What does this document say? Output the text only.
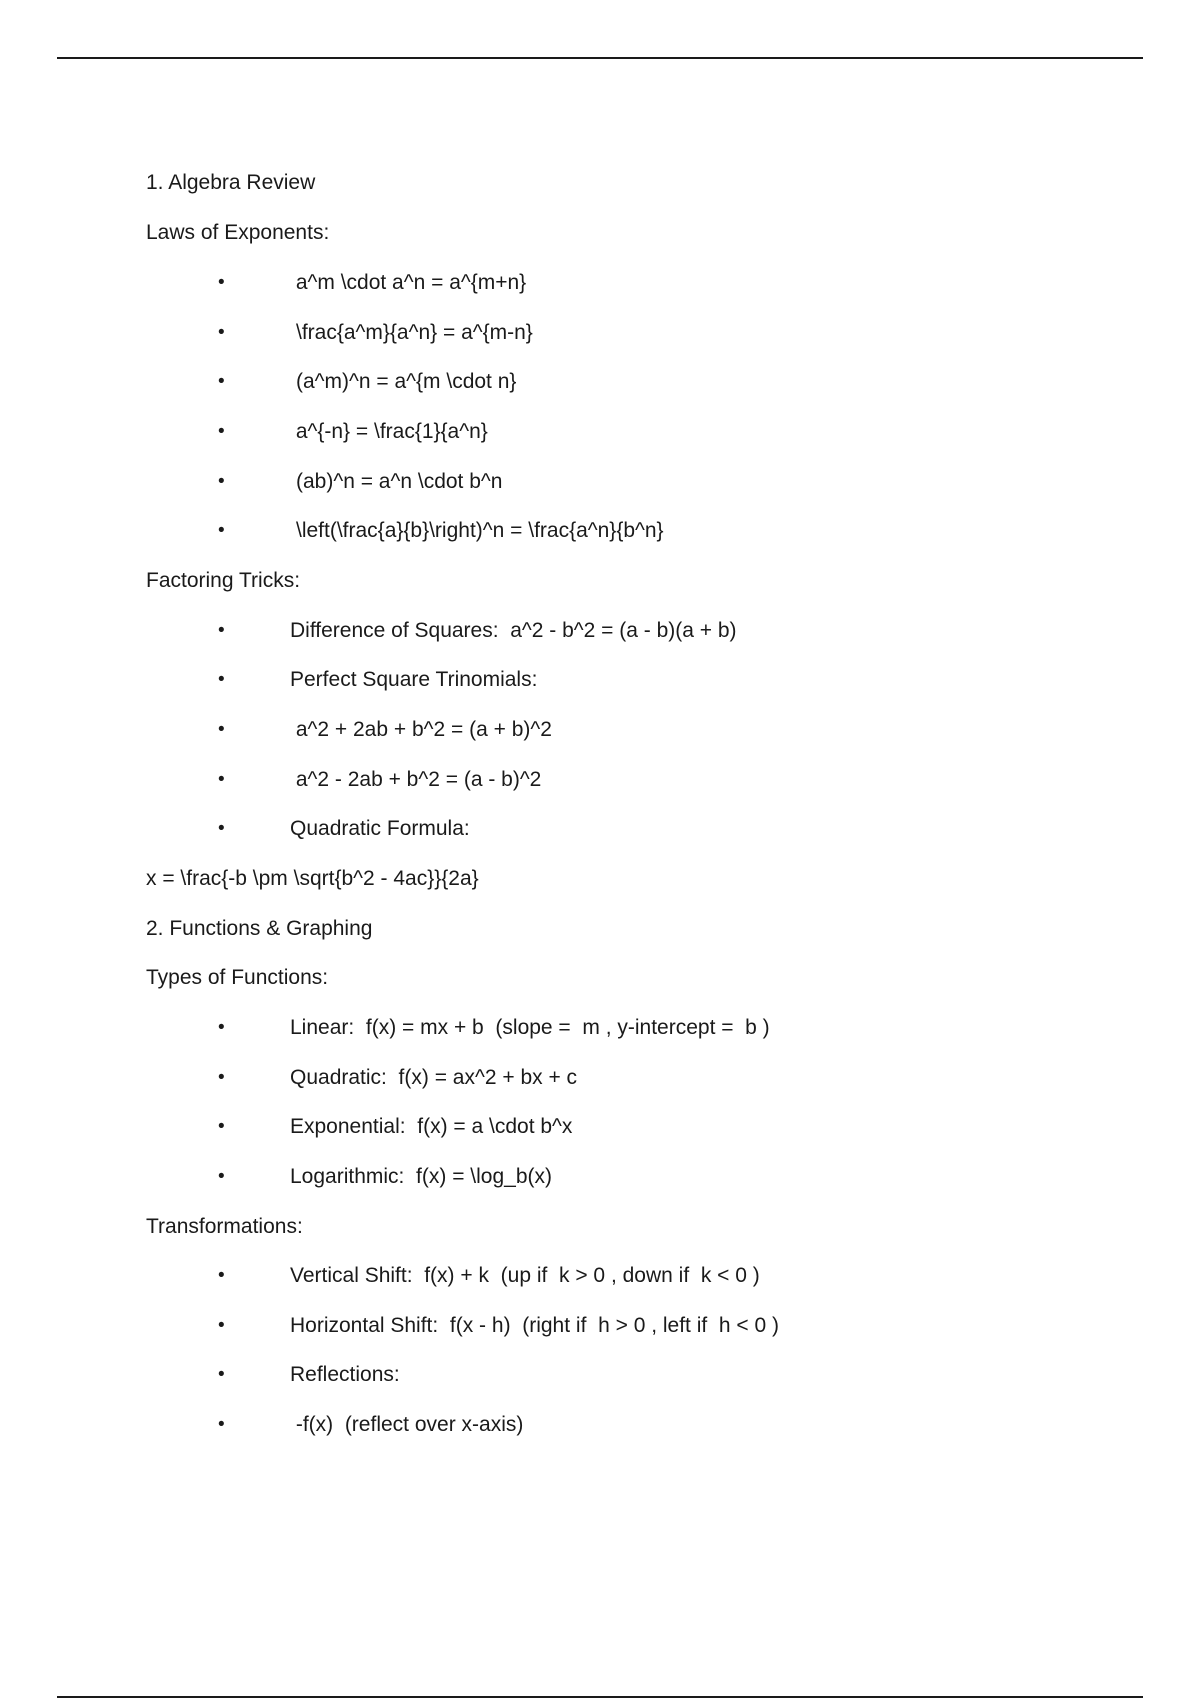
1. Algebra Review
Laws of Exponents:
•	a^m \cdot a^n = a^{m+n}
•	\frac{a^m}{a^n} = a^{m-n}
•	(a^m)^n = a^{m \cdot n}
•	a^{-n} = \frac{1}{a^n}
•	(ab)^n = a^n \cdot b^n
•	\left(\frac{a}{b}\right)^n = \frac{a^n}{b^n}
Factoring Tricks:
•	Difference of Squares:  a^2 - b^2 = (a - b)(a + b)
•	Perfect Square Trinomials:
•	a^2 + 2ab + b^2 = (a + b)^2
•	a^2 - 2ab + b^2 = (a - b)^2
•	Quadratic Formula:
x = \frac{-b \pm \sqrt{b^2 - 4ac}}{2a}
2. Functions & Graphing
Types of Functions:
•	Linear:  f(x) = mx + b  (slope =  m , y-intercept =  b )
•	Quadratic:  f(x) = ax^2 + bx + c
•	Exponential:  f(x) = a \cdot b^x
•	Logarithmic:  f(x) = \log_b(x)
Transformations:
•	Vertical Shift:  f(x) + k  (up if  k > 0 , down if  k < 0 )
•	Horizontal Shift:  f(x - h)  (right if  h > 0 , left if  h < 0 )
•	Reflections:
•	-f(x)  (reflect over x-axis)
